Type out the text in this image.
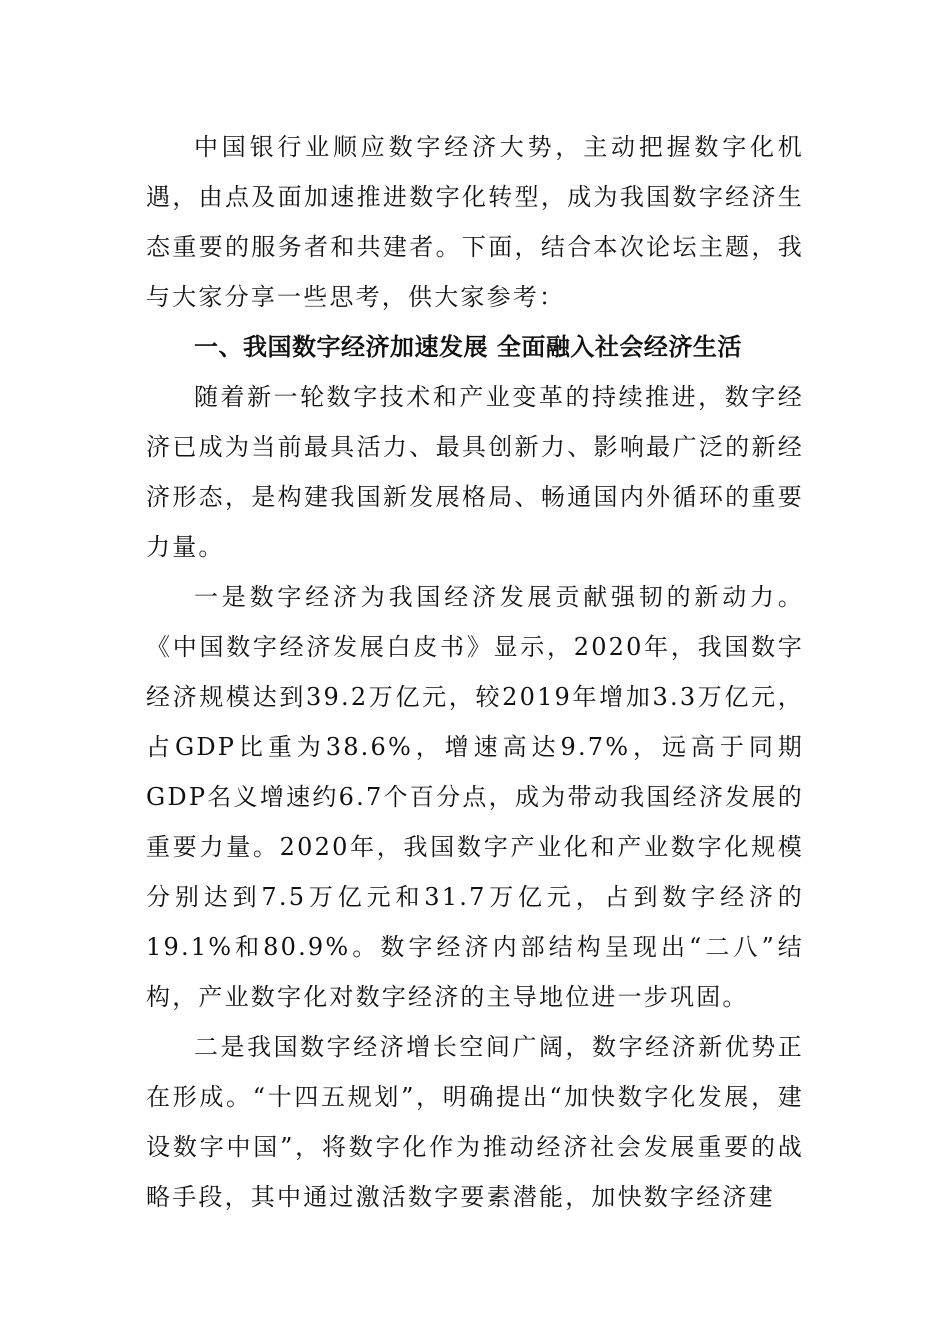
中国银行业顺应数字经济大势，主动把握数字化机遇，由点及面加速推进数字化转型，成为我国数字经济生态重要的服务者和共建者。下面，结合本次论坛主题，我与大家分享一些思考，供大家参考：

一、我国数字经济加速发展 全面融入社会经济生活

随着新一轮数字技术和产业变革的持续推进，数字经济已成为当前最具活力、最具创新力、影响最广泛的新经济形态，是构建我国新发展格局、畅通国内外循环的重要力量。

一是数字经济为我国经济发展贡献强韧的新动力。《中国数字经济发展白皮书》显示，2020年，我国数字经济规模达到39.2万亿元，较2019年增加3.3万亿元，占GDP比重为38.6%，增速高达9.7%，远高于同期GDP名义增速约6.7个百分点，成为带动我国经济发展的重要力量。2020年，我国数字产业化和产业数字化规模分别达到7.5万亿元和31.7万亿元，占到数字经济的19.1%和80.9%。数字经济内部结构呈现出“二八”结构，产业数字化对数字经济的主导地位进一步巩固。

二是我国数字经济增长空间广阔，数字经济新优势正在形成。“十四五规划”，明确提出“加快数字化发展，建设数字中国”，将数字化作为推动经济社会发展重要的战略手段，其中通过激活数字要素潜能，加快数字经济建
